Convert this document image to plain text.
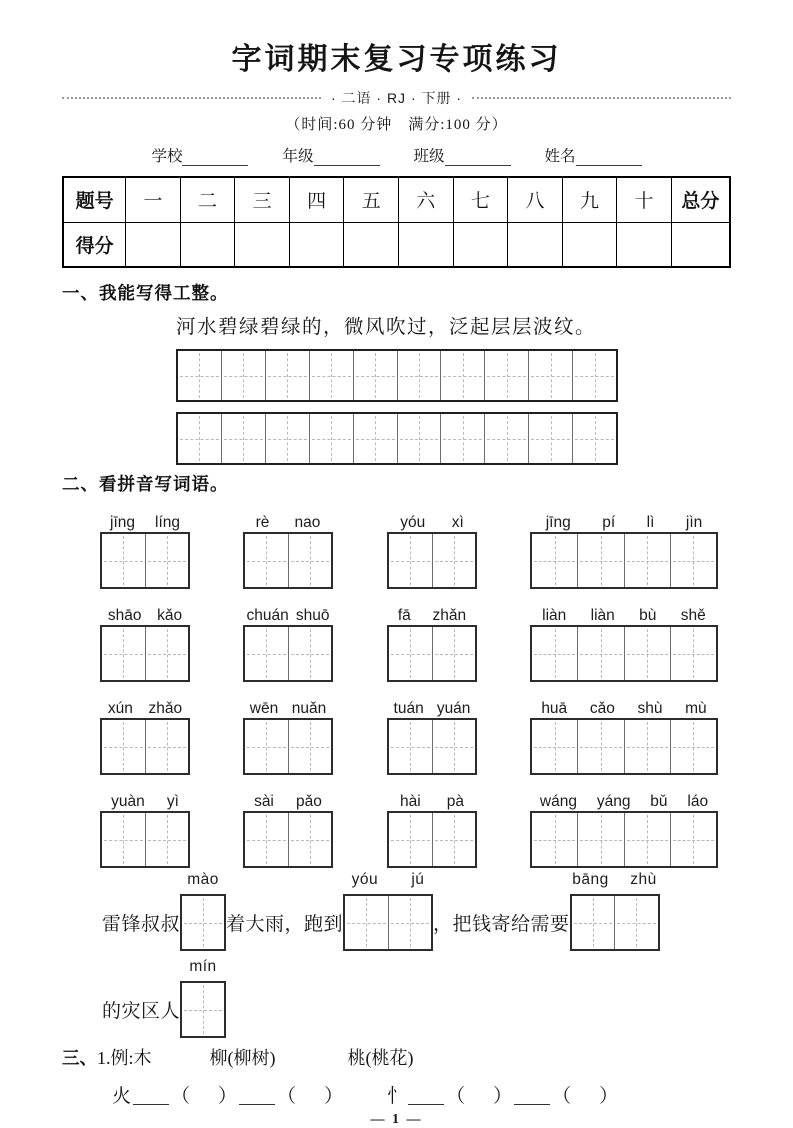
字词期末复习专项练习
· 二语 · RJ · 下册 ·
（时间:60 分钟　满分:100 分）
学校	年级	班级	姓名
题号	一	二	三	四	五	六	七	八	九	十	总分
得分											
一、我能写得工整。
河水碧绿碧绿的，微风吹过，泛起层层波纹。
二、看拼音写词语。
jīng líng	rè nao	yóu xì	jīng pí lì jìn
shāo kǎo	chuán shuō	fā zhǎn	liàn liàn bù shě
xún zhǎo	wēn nuǎn	tuán yuán	huā cǎo shù mù
yuàn yì	sài pǎo	hài pà	wáng yáng bǔ láo
雷锋叔叔
mào
着大雨，跑到
yóu jú
，把钱寄给需要
bāng zhù
的灾区人
mín
三、 1.例:木	柳(柳树)	桃(桃花)
火 （ ） （ ） 忄 （ ） （ ）
— 1 —
